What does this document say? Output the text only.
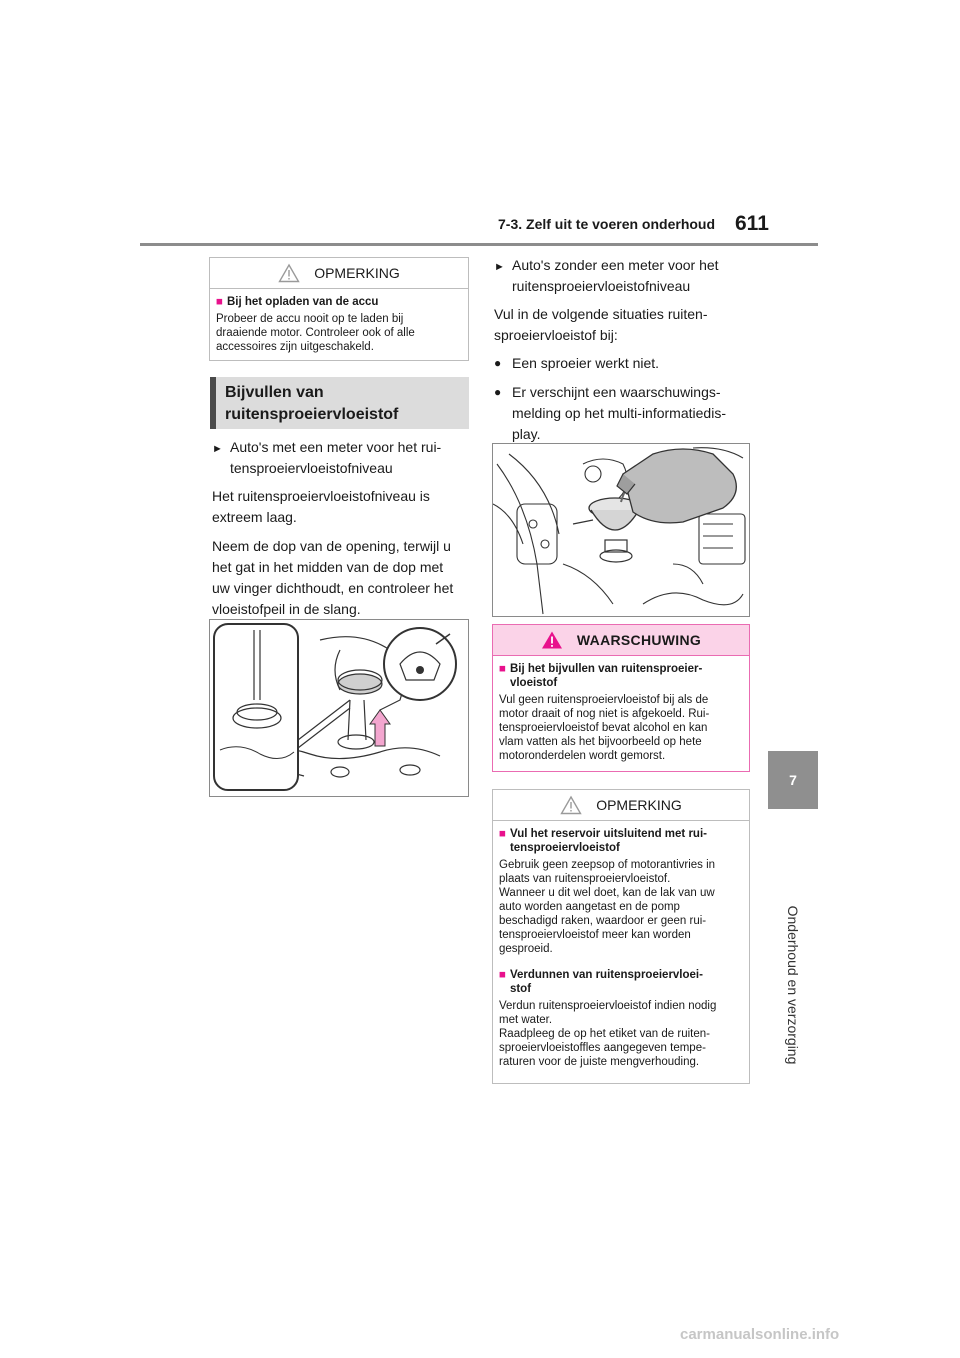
7-3. Zelf uit te voeren onderhoud 611
7
Onderhoud en verzorging
OPMERKING
■ Bij het opladen van de accu
Probeer de accu nooit op te laden bij
draaiende motor. Controleer ook of alle
accessoires zijn uitgeschakeld.
Bijvullen van
ruitensproeiervloeistof
► Auto's met een meter voor het rui-
tensproeiervloeistofniveau
Het ruitensproeiervloeistofniveau is
extreem laag.
Neem de dop van de opening, terwijl u
het gat in het midden van de dop met
uw vinger dichthoudt, en controleer het
vloeistofpeil in de slang.
► Auto's zonder een meter voor het
ruitensproeiervloeistofniveau
Vul in de volgende situaties ruiten-
sproeiervloeistof bij:
● Een sproeier werkt niet.
● Er verschijnt een waarschuwings-
melding op het multi-informatiedis-
play.
WAARSCHUWING
■ Bij het bijvullen van ruitensproeier-
vloeistof
Vul geen ruitensproeiervloeistof bij als de
motor draait of nog niet is afgekoeld. Rui-
tensproeiervloeistof bevat alcohol en kan
vlam vatten als het bijvoorbeeld op hete
motoronderdelen wordt gemorst.
OPMERKING
■ Vul het reservoir uitsluitend met rui-
tensproeiervloeistof
Gebruik geen zeepsop of motorantivries in
plaats van ruitensproeiervloeistof.
Wanneer u dit wel doet, kan de lak van uw
auto worden aangetast en de pomp
beschadigd raken, waardoor er geen rui-
tensproeiervloeistof meer kan worden
gesproeid.
■ Verdunnen van ruitensproeiervloei-
stof
Verdun ruitensproeiervloeistof indien nodig
met water.
Raadpleeg de op het etiket van de ruiten-
sproeiervloeistofflеs aangegeven tempe-
raturen voor de juiste mengverhouding.
carmanualsonline.info
